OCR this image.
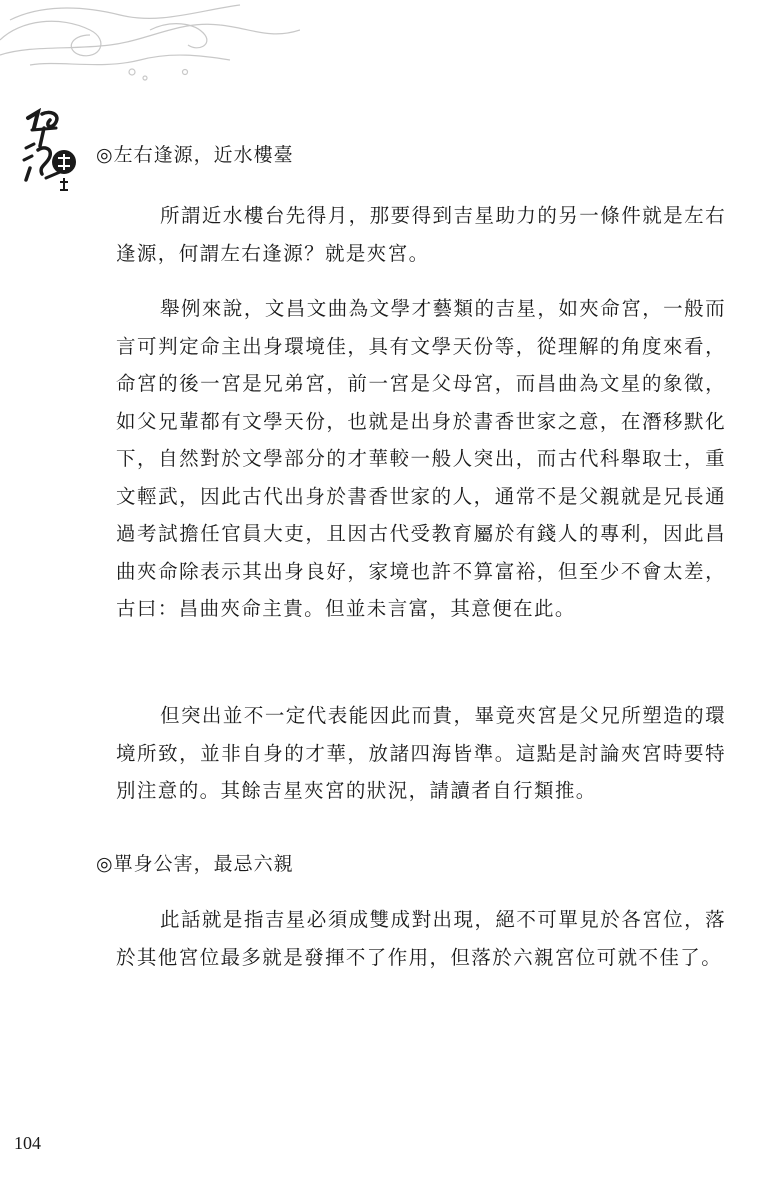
◎左右逢源，近水樓臺

所謂近水樓台先得月，那要得到吉星助力的另一條件就是左右逢源，何謂左右逢源？就是夾宮。

舉例來說，文昌文曲為文學才藝類的吉星，如夾命宮，一般而言可判定命主出身環境佳，具有文學天份等，從理解的角度來看，命宮的後一宮是兄弟宮，前一宮是父母宮，而昌曲為文星的象徵，如父兄輩都有文學天份，也就是出身於書香世家之意，在潛移默化下，自然對於文學部分的才華較一般人突出，而古代科舉取士，重文輕武，因此古代出身於書香世家的人，通常不是父親就是兄長通過考試擔任官員大吏，且因古代受教育屬於有錢人的專利，因此昌曲夾命除表示其出身良好，家境也許不算富裕，但至少不會太差，古曰：昌曲夾命主貴。但並未言富，其意便在此。

但突出並不一定代表能因此而貴，畢竟夾宮是父兄所塑造的環境所致，並非自身的才華，放諸四海皆準。這點是討論夾宮時要特別注意的。其餘吉星夾宮的狀況，請讀者自行類推。

◎單身公害，最忌六親

此話就是指吉星必須成雙成對出現，絕不可單見於各宮位，落於其他宮位最多就是發揮不了作用，但落於六親宮位可就不佳了。

104
